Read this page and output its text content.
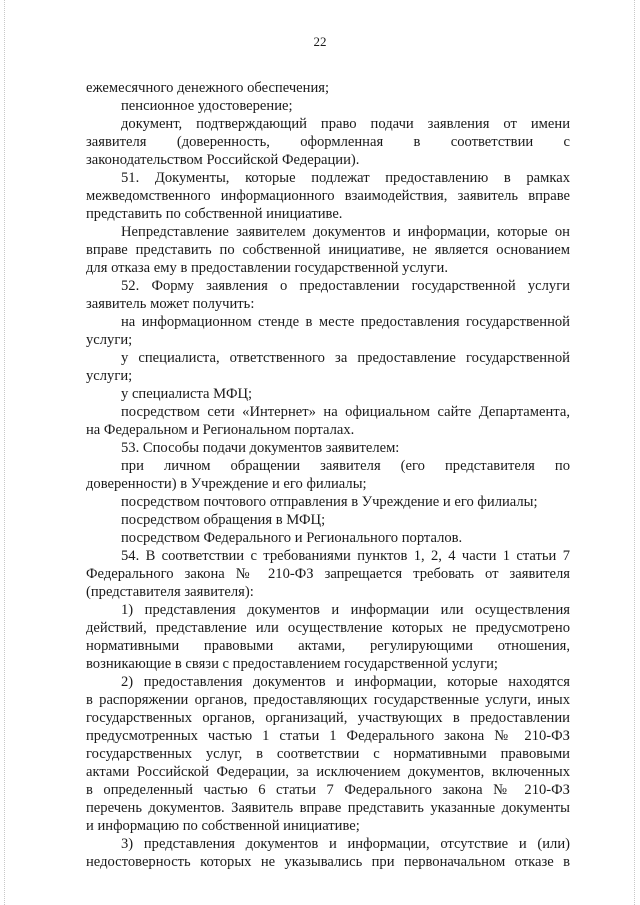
22
ежемесячного денежного обеспечения;
пенсионное удостоверение;
документ, подтверждающий право подачи заявления от имени
заявителя (доверенность, оформленная в соответствии с
законодательством Российской Федерации).
51. Документы, которые подлежат предоставлению в рамках
межведомственного информационного взаимодействия, заявитель вправе
представить по собственной инициативе.
Непредставление заявителем документов и информации, которые он
вправе представить по собственной инициативе, не является основанием
для отказа ему в предоставлении государственной услуги.
52. Форму заявления о предоставлении государственной услуги
заявитель может получить:
на информационном стенде в месте предоставления государственной
услуги;
у специалиста, ответственного за предоставление государственной
услуги;
у специалиста МФЦ;
посредством сети «Интернет» на официальном сайте Департамента,
на Федеральном и Региональном порталах.
53. Способы подачи документов заявителем:
при личном обращении заявителя (его представителя по
доверенности) в Учреждение и его филиалы;
посредством почтового отправления в Учреждение и его филиалы;
посредством обращения в МФЦ;
посредством Федерального и Регионального порталов.
54. В соответствии с требованиями пунктов 1, 2, 4 части 1 статьи 7
Федерального закона № 210-ФЗ запрещается требовать от заявителя
(представителя заявителя):
1) представления документов и информации или осуществления
действий, представление или осуществление которых не предусмотрено
нормативными правовыми актами, регулирующими отношения,
возникающие в связи с предоставлением государственной услуги;
2) предоставления документов и информации, которые находятся
в распоряжении органов, предоставляющих государственные услуги, иных
государственных органов, организаций, участвующих в предоставлении
предусмотренных частью 1 статьи 1 Федерального закона № 210-ФЗ
государственных услуг, в соответствии с нормативными правовыми
актами Российской Федерации, за исключением документов, включенных
в определенный частью 6 статьи 7 Федерального закона № 210-ФЗ
перечень документов. Заявитель вправе представить указанные документы
и информацию по собственной инициативе;
3) представления документов и информации, отсутствие и (или)
недостоверность которых не указывались при первоначальном отказе в
